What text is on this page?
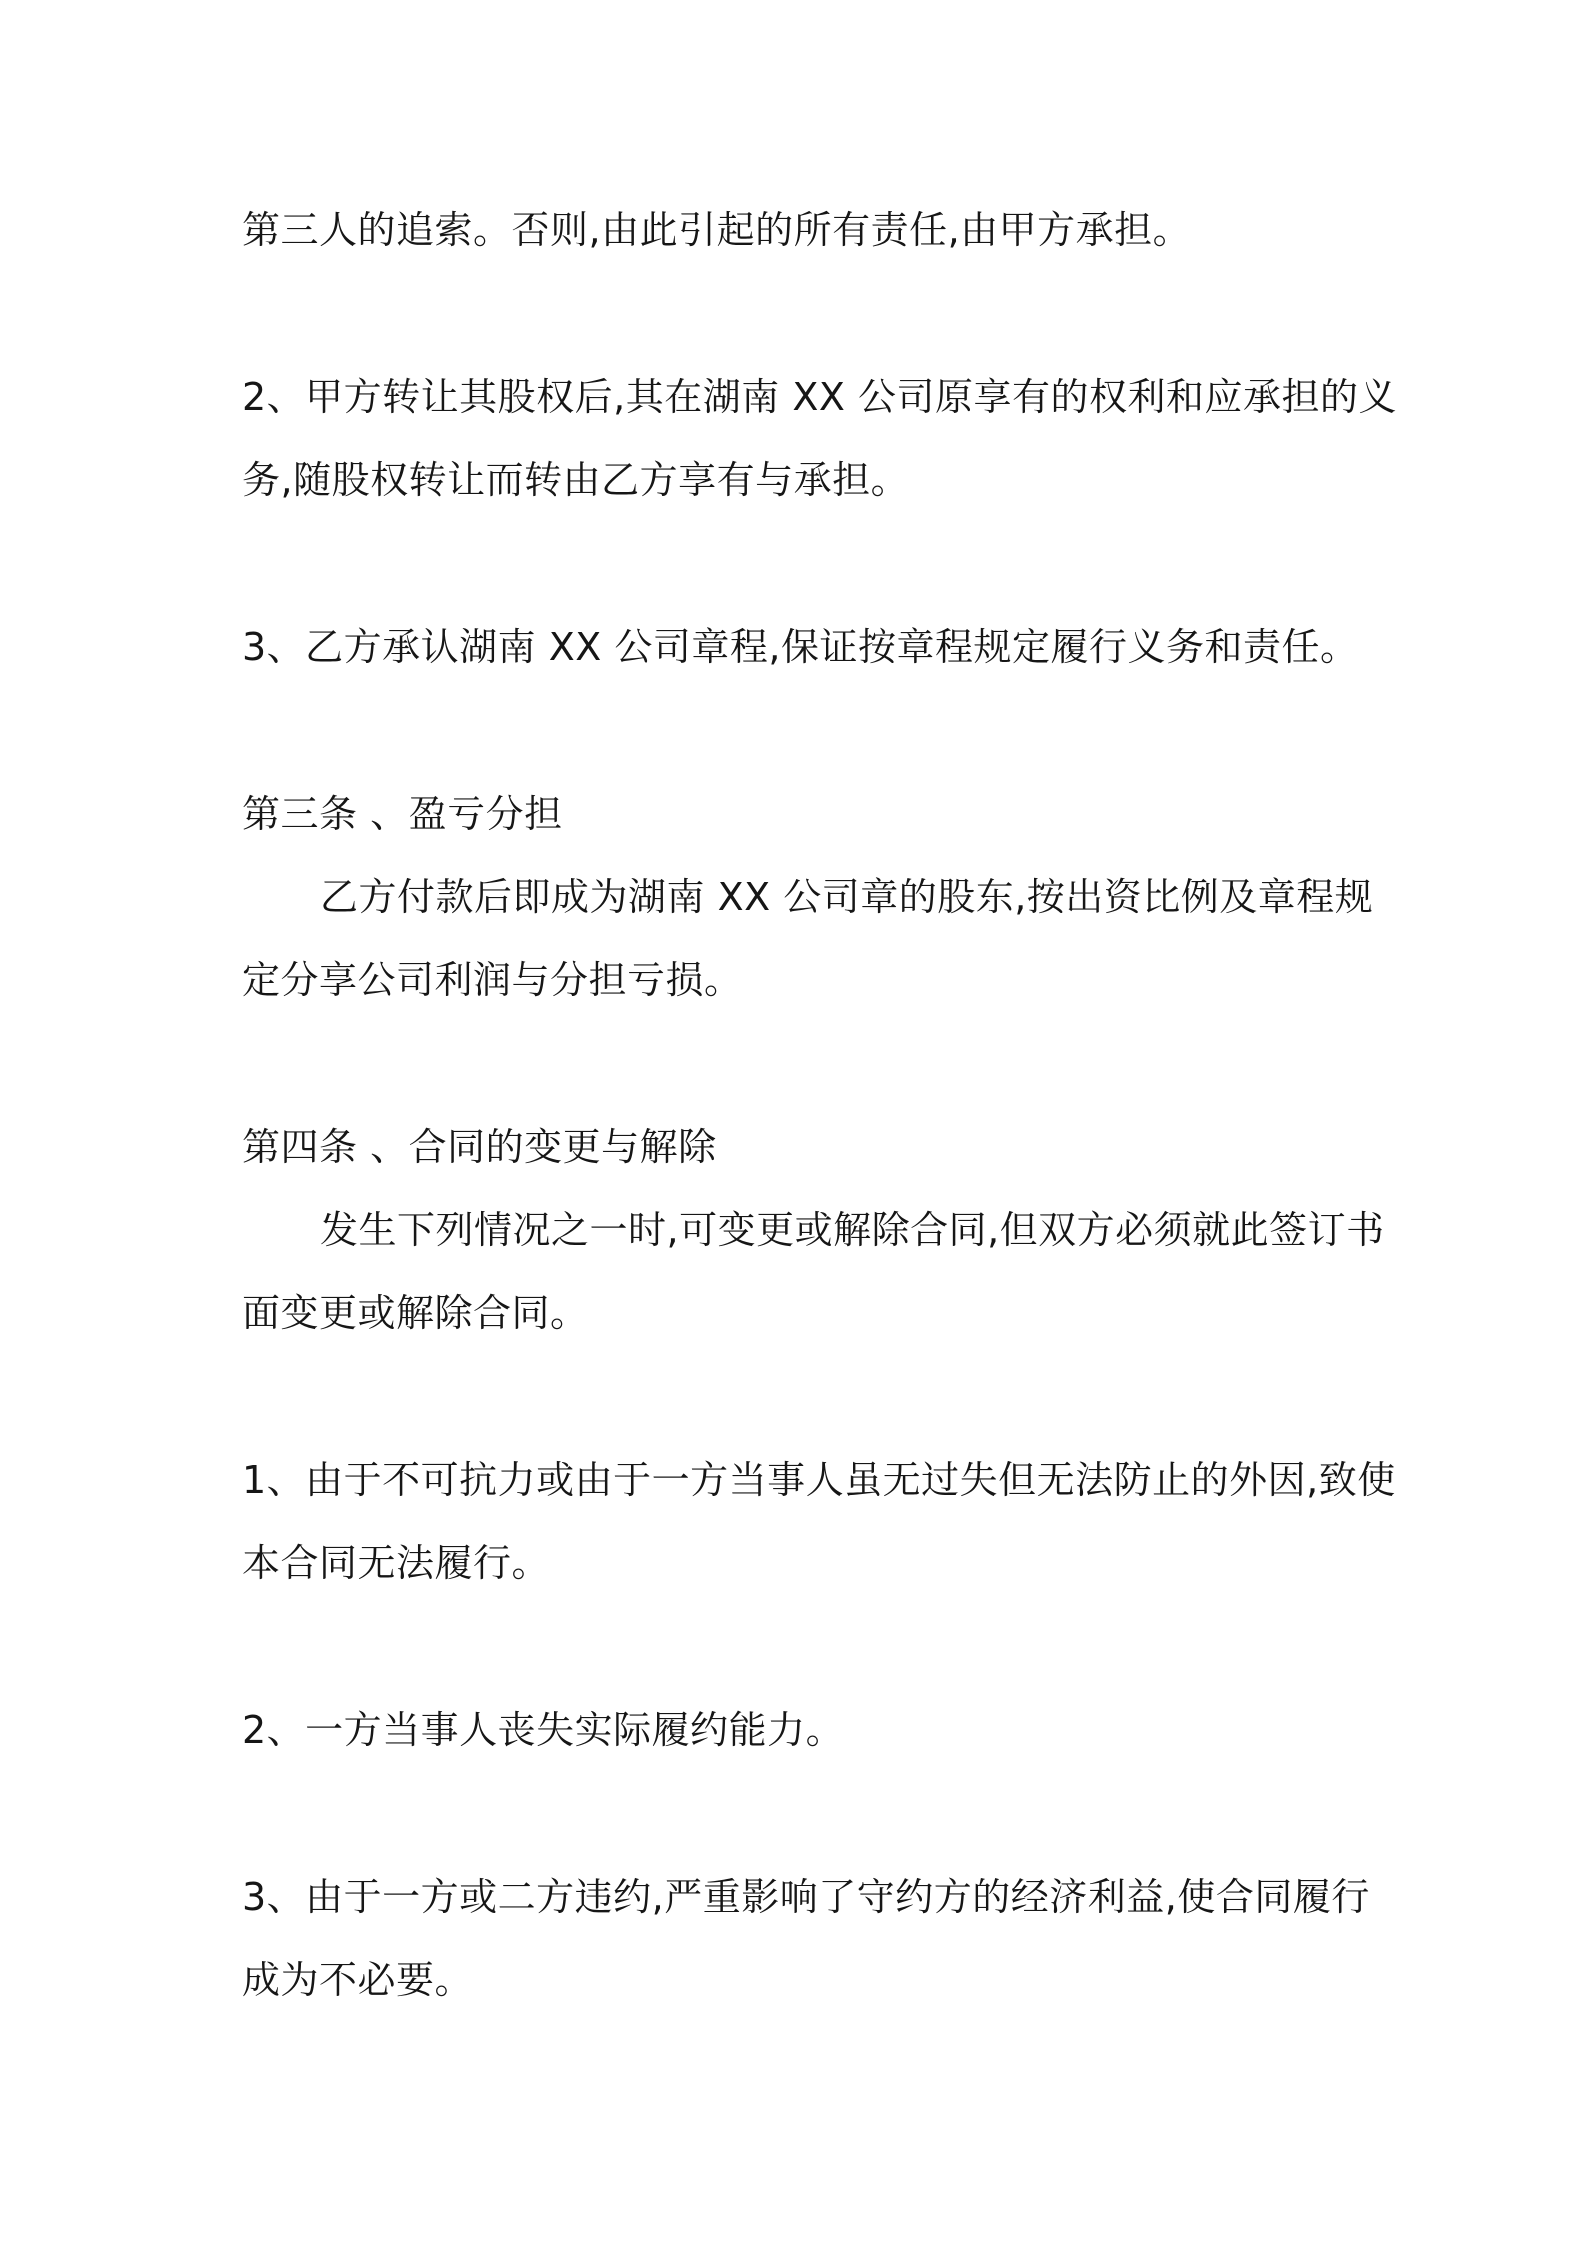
第三人的追索。否则,由此引起的所有责任,由甲方承担。
2、甲方转让其股权后,其在湖南 XX 公司原享有的权利和应承担的义
务,随股权转让而转由乙方享有与承担。
3、乙方承认湖南 XX 公司章程,保证按章程规定履行义务和责任。
第三条 、盈亏分担
乙方付款后即成为湖南 XX 公司章的股东,按出资比例及章程规
定分享公司利润与分担亏损。
第四条 、合同的变更与解除
发生下列情况之一时,可变更或解除合同,但双方必须就此签订书
面变更或解除合同。
1、由于不可抗力或由于一方当事人虽无过失但无法防止的外因,致使
本合同无法履行。
2、一方当事人丧失实际履约能力。
3、由于一方或二方违约,严重影响了守约方的经济利益,使合同履行
成为不必要。
